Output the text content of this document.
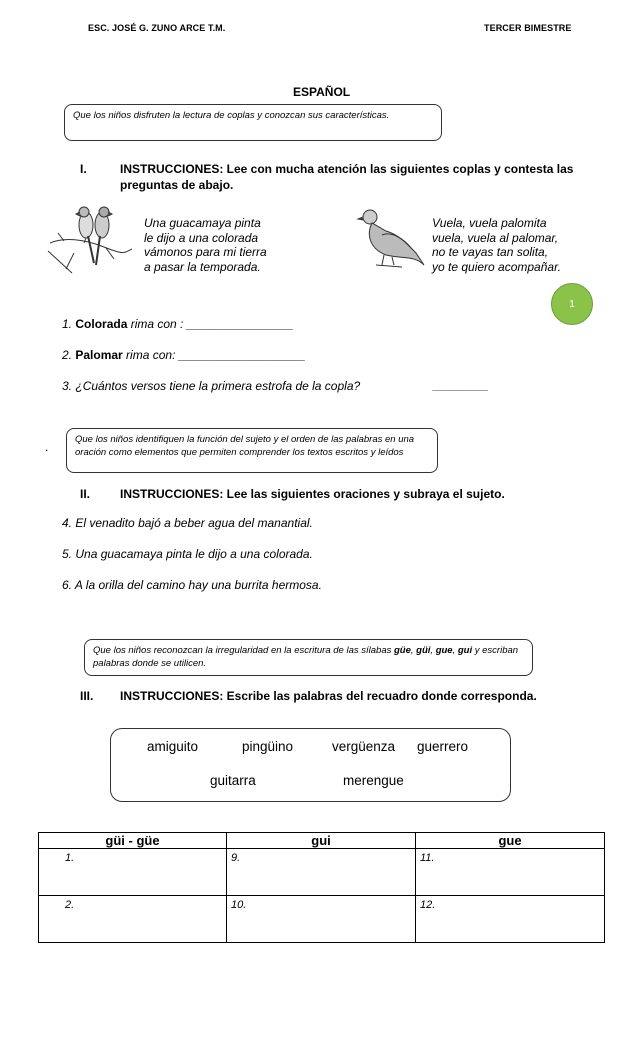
ESC. JOSÉ G. ZUNO ARCE T.M.	TERCER BIMESTRE
ESPAÑOL
Que los niños disfruten la lectura de coplas y conozcan sus características.
I.	INSTRUCCIONES: Lee con mucha atención las siguientes coplas y contesta las preguntas de abajo.
Una guacamaya pinta
le dijo a una colorada
vámonos para mi tierra
a pasar la temporada.
Vuela, vuela palomita
vuela, vuela al palomar,
no te vayas tan solita,
yo te quiero acompañar.
1
1. Colorada rima con : ________________
2. Palomar rima con: ___________________
3. ¿Cuántos versos tiene la primera estrofa de la copla?	__________
.
Que los niños identifiquen la función del sujeto y el orden de las palabras en una oración como elementos que permiten comprender los textos escritos y leídos
II. INSTRUCCIONES: Lee las siguientes oraciones y subraya el sujeto.
4. El venadito bajó a beber agua del manantial.
5. Una guacamaya pinta le dijo a una colorada.
6. A la orilla del camino hay una burrita hermosa.
Que los niños reconozcan la irregularidad en la escritura de las sílabas güe, güi, gue, gui y escriban palabras donde se utilicen.
III. INSTRUCCIONES: Escribe las palabras del recuadro donde corresponda.
amiguito	pingüino	vergüenza guerrero
guitarra	merengue
güi - güe	gui	gue
1.	9.	11.
2.	10.	12.
